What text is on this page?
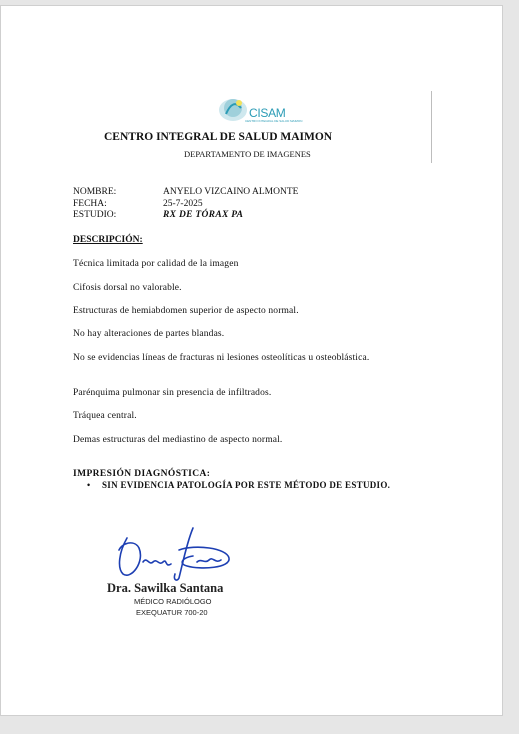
CISAM
CENTRO INTEGRAL DE SALUD MAIMON
CENTRO INTEGRAL DE SALUD MAIMON
DEPARTAMENTO DE IMAGENES
NOMBRE:	ANYELO VIZCAINO ALMONTE
FECHA:	25-7-2025
ESTUDIO:	RX DE TÓRAX PA
DESCRIPCIÓN:
Técnica limitada por calidad de la imagen
Cifosis dorsal no valorable.
Estructuras de hemiabdomen superior de aspecto normal.
No hay alteraciones de partes blandas.
No se evidencias líneas de fracturas ni lesiones osteolíticas u osteoblástica.
Parénquima pulmonar sin presencia de infiltrados.
Tráquea central.
Demas estructuras del mediastino de aspecto normal.
IMPRESIÓN DIAGNÓSTICA:
• SIN EVIDENCIA PATOLOGÍA POR ESTE MÉTODO DE ESTUDIO.
Dra. Sawilka Santana
MÉDICO RADIÓLOGO
EXEQUATUR 700-20
